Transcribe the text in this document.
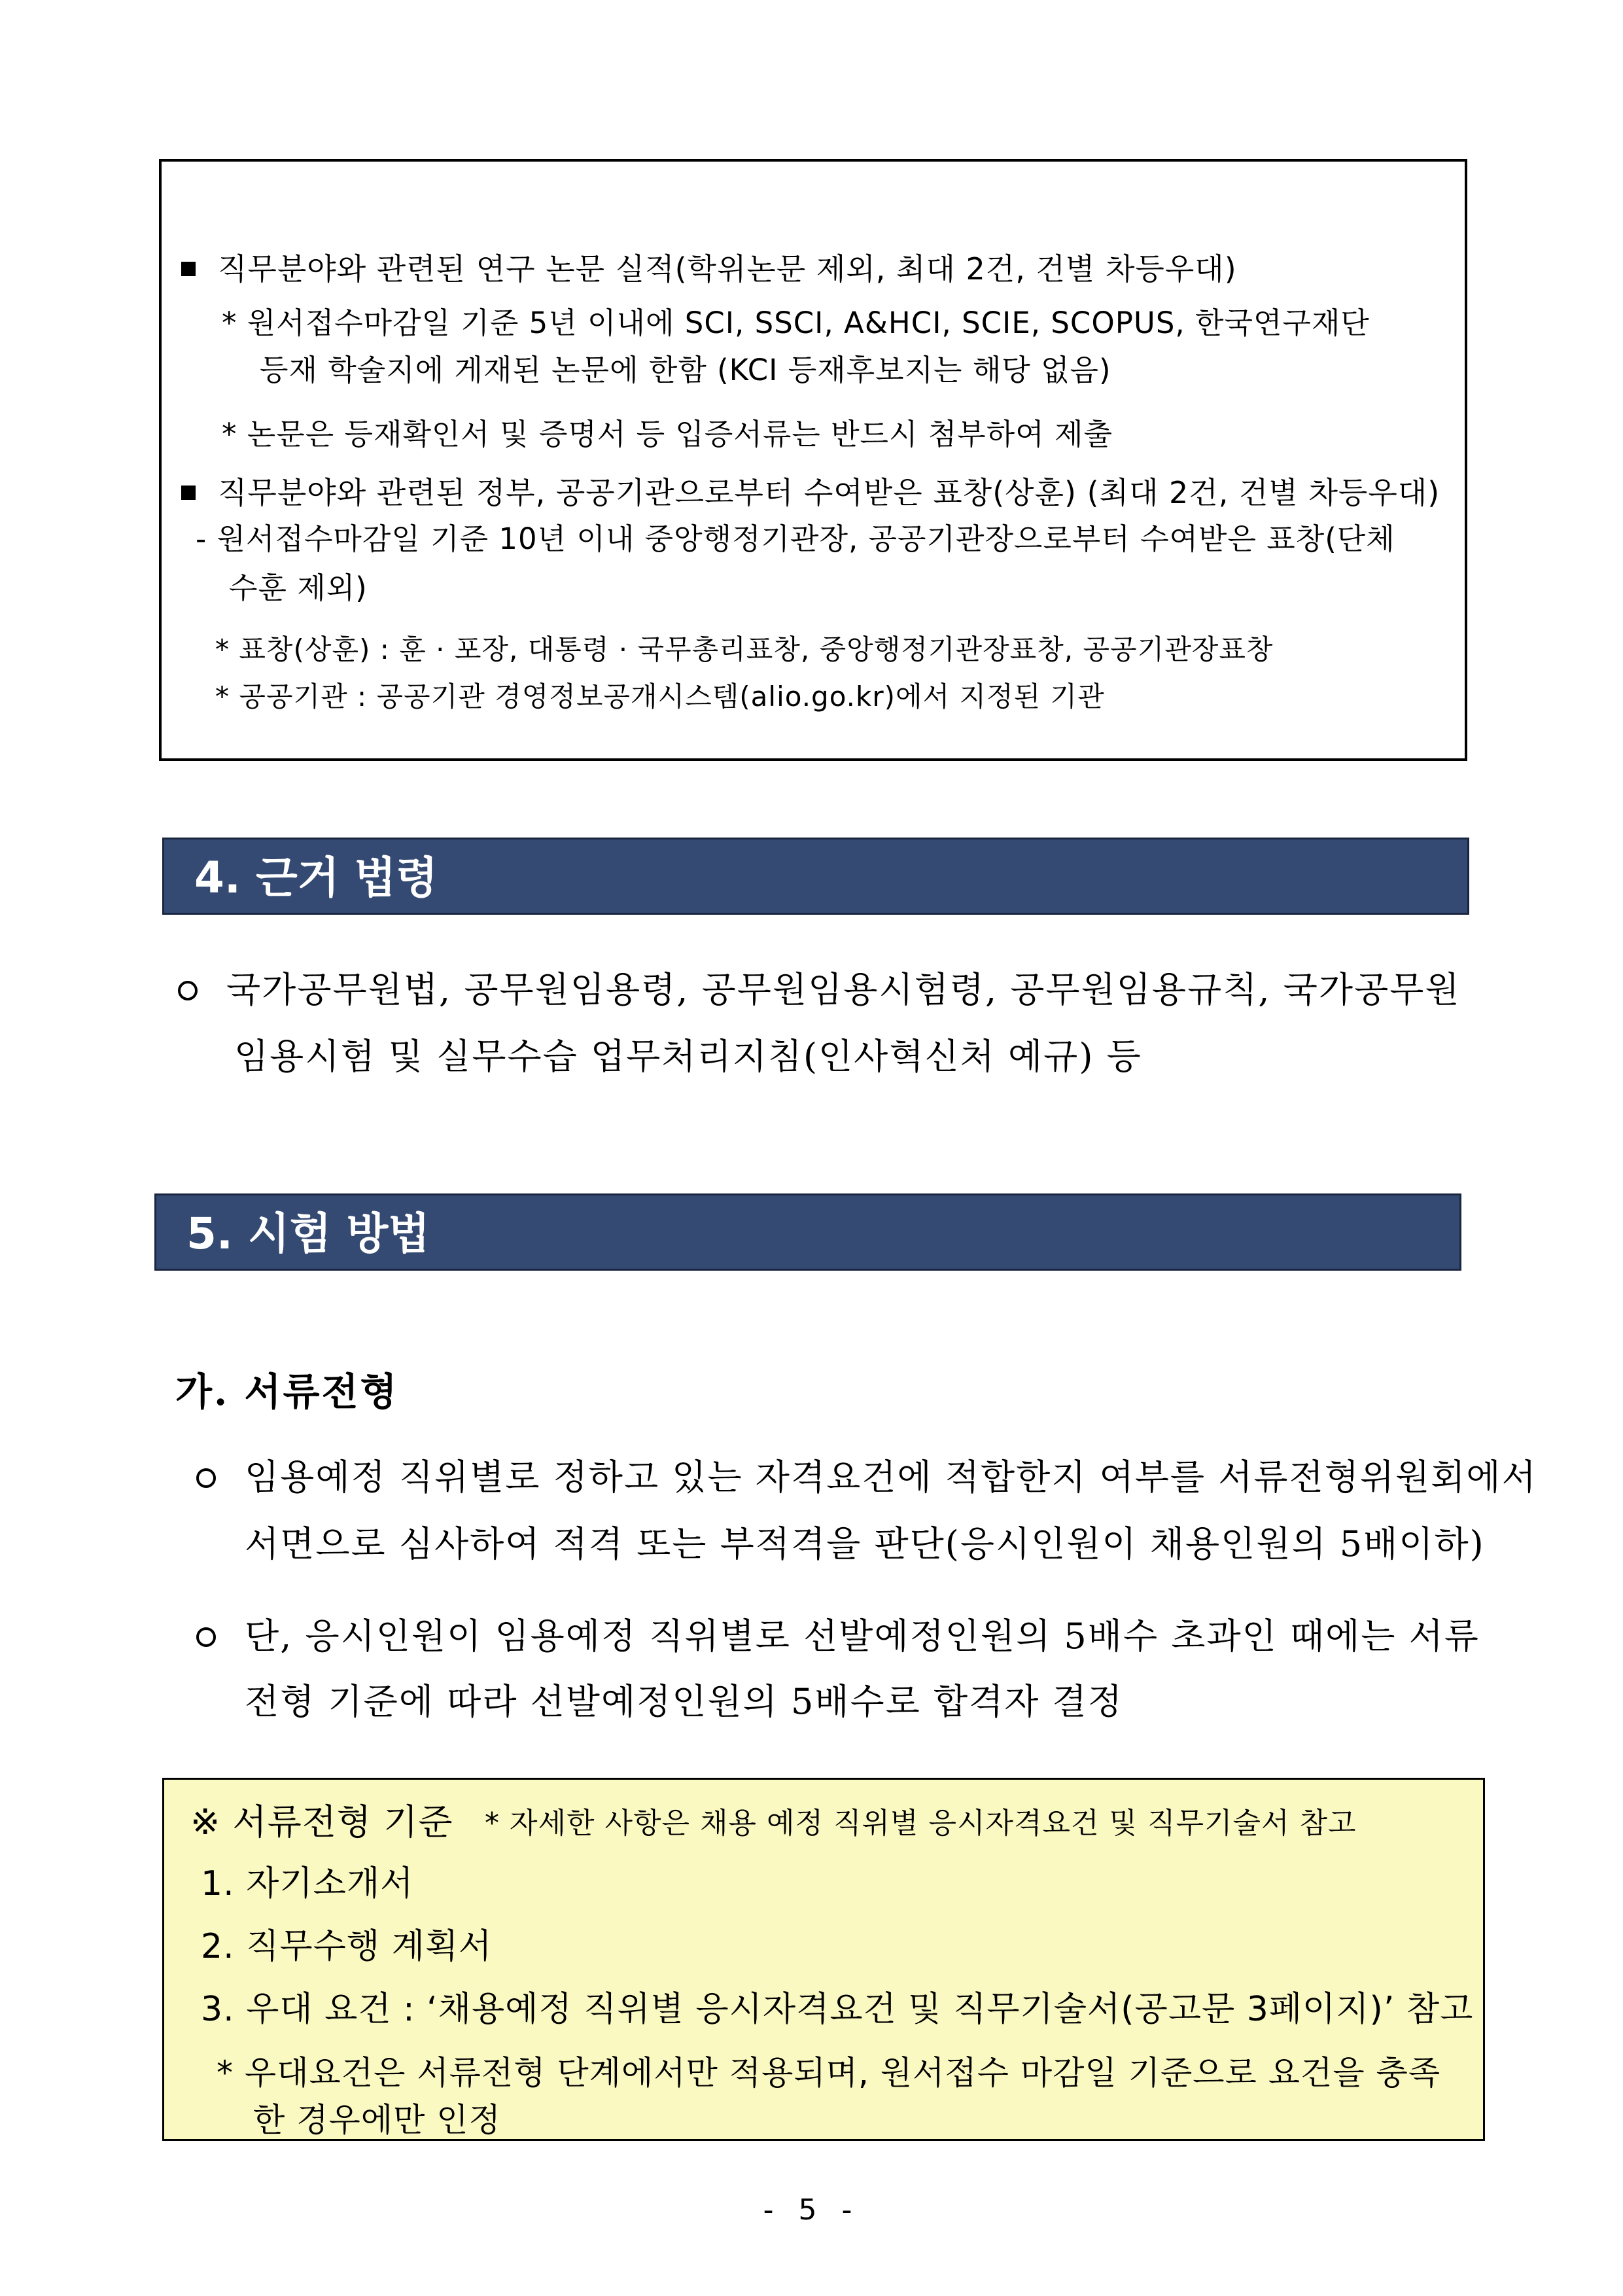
직무분야와 관련된 연구 논문 실적(학위논문 제외, 최대 2건, 건별 차등우대)
* 원서접수마감일 기준 5년 이내에 SCI, SSCI, A&HCI, SCIE, SCOPUS, 한국연구재단
등재 학술지에 게재된 논문에 한함 (KCI 등재후보지는 해당 없음)
* 논문은 등재확인서 및 증명서 등 입증서류는 반드시 첨부하여 제출
직무분야와 관련된 정부, 공공기관으로부터 수여받은 표창(상훈) (최대 2건, 건별 차등우대)
- 원서접수마감일 기준 10년 이내 중앙행정기관장, 공공기관장으로부터 수여받은 표창(단체
수훈 제외)
* 표창(상훈) : 훈 · 포장, 대통령 · 국무총리표창, 중앙행정기관장표창, 공공기관장표창
* 공공기관 : 공공기관 경영정보공개시스템(alio.go.kr)에서 지정된 기관
4. 근거 법령
국가공무원법, 공무원임용령, 공무원임용시험령, 공무원임용규칙, 국가공무원
임용시험 및 실무수습 업무처리지침(인사혁신처 예규) 등
5. 시험 방법
가. 서류전형
임용예정 직위별로 정하고 있는 자격요건에 적합한지 여부를 서류전형위원회에서
서면으로 심사하여 적격 또는 부적격을 판단(응시인원이 채용인원의 5배이하)
단, 응시인원이 임용예정 직위별로 선발예정인원의 5배수 초과인 때에는 서류
전형 기준에 따라 선발예정인원의 5배수로 합격자 결정
※ 서류전형 기준 * 자세한 사항은 채용 예정 직위별 응시자격요건 및 직무기술서 참고
1. 자기소개서
2. 직무수행 계획서
3. 우대 요건 : ‘채용예정 직위별 응시자격요건 및 직무기술서(공고문 3페이지)’ 참고
* 우대요건은 서류전형 단계에서만 적용되며, 원서접수 마감일 기준으로 요건을 충족
한 경우에만 인정
- 5 -
